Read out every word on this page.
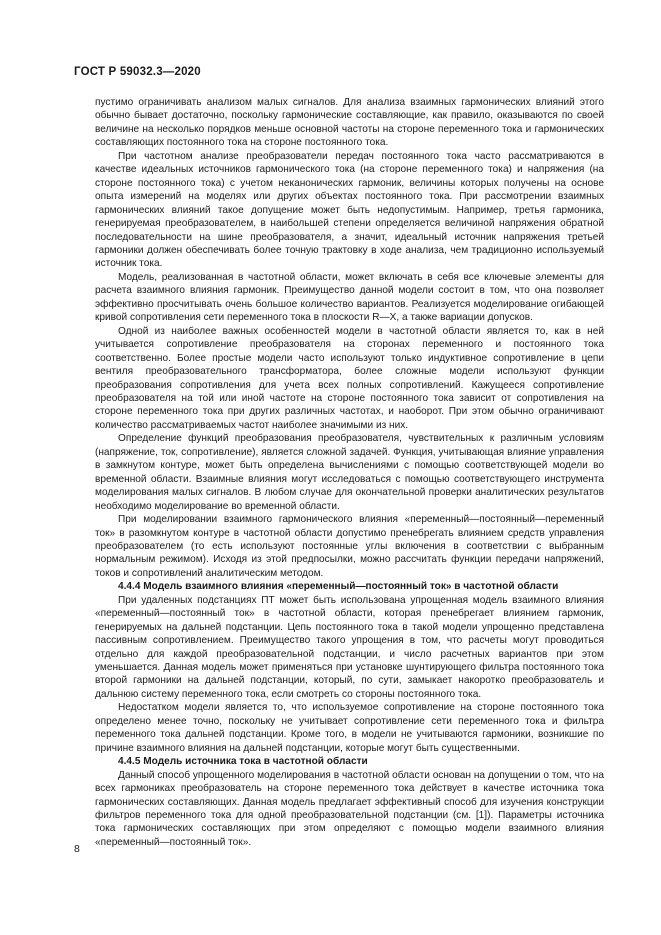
ГОСТ Р 59032.3—2020

пустимо ограничивать анализом малых сигналов. Для анализа взаимных гармонических влияний этого обычно бывает достаточно, поскольку гармонические составляющие, как правило, оказываются по своей величине на несколько порядков меньше основной частоты на стороне переменного тока и гармонических составляющих постоянного тока на стороне постоянного тока.

При частотном анализе преобразователи передач постоянного тока часто рассматриваются в качестве идеальных источников гармонического тока (на стороне переменного тока) и напряжения (на стороне постоянного тока) с учетом неканонических гармоник, величины которых получены на основе опыта измерений на моделях или других объектах постоянного тока. При рассмотрении взаимных гармонических влияний такое допущение может быть недопустимым. Например, третья гармоника, генерируемая преобразователем, в наибольшей степени определяется величиной напряжения обратной последовательности на шине преобразователя, а значит, идеальный источник напряжения третьей гармоники должен обеспечивать более точную трактовку в ходе анализа, чем традиционно используемый источник тока.

Модель, реализованная в частотной области, может включать в себя все ключевые элементы для расчета взаимного влияния гармоник. Преимущество данной модели состоит в том, что она позволяет эффективно просчитывать очень большое количество вариантов. Реализуется моделирование огибающей кривой сопротивления сети переменного тока в плоскости R—X, а также вариации допусков.

Одной из наиболее важных особенностей модели в частотной области является то, как в ней учитывается сопротивление преобразователя на сторонах переменного и постоянного тока соответственно. Более простые модели часто используют только индуктивное сопротивление в цепи вентиля преобразовательного трансформатора, более сложные модели используют функции преобразования сопротивления для учета всех полных сопротивлений. Кажущееся сопротивление преобразователя на той или иной частоте на стороне постоянного тока зависит от сопротивления на стороне переменного тока при других различных частотах, и наоборот. При этом обычно ограничивают количество рассматриваемых частот наиболее значимыми из них.

Определение функций преобразования преобразователя, чувствительных к различным условиям (напряжение, ток, сопротивление), является сложной задачей. Функция, учитывающая влияние управления в замкнутом контуре, может быть определена вычислениями с помощью соответствующей модели во временной области. Взаимные влияния могут исследоваться с помощью соответствующего инструмента моделирования малых сигналов. В любом случае для окончательной проверки аналитических результатов необходимо моделирование во временной области.

При моделировании взаимного гармонического влияния «переменный—постоянный—переменный ток» в разомкнутом контуре в частотной области допустимо пренебрегать влиянием средств управления преобразователем (то есть используют постоянные углы включения в соответствии с выбранным нормальным режимом). Исходя из этой предпосылки, можно рассчитать функции передачи напряжений, токов и сопротивлений аналитическим методом.

4.4.4 Модель взаимного влияния «переменный—постоянный ток» в частотной области

При удаленных подстанциях ПТ может быть использована упрощенная модель взаимного влияния «переменный—постоянный ток» в частотной области, которая пренебрегает влиянием гармоник, генерируемых на дальней подстанции. Цепь постоянного тока в такой модели упрощенно представлена пассивным сопротивлением. Преимущество такого упрощения в том, что расчеты могут проводиться отдельно для каждой преобразовательной подстанции, и число расчетных вариантов при этом уменьшается. Данная модель может применяться при установке шунтирующего фильтра постоянного тока второй гармоники на дальней подстанции, который, по сути, замыкает накоротко преобразователь и дальнюю систему переменного тока, если смотреть со стороны постоянного тока.

Недостатком модели является то, что используемое сопротивление на стороне постоянного тока определено менее точно, поскольку не учитывает сопротивление сети переменного тока и фильтра переменного тока дальней подстанции. Кроме того, в модели не учитываются гармоники, возникшие по причине взаимного влияния на дальней подстанции, которые могут быть существенными.

4.4.5 Модель источника тока в частотной области

Данный способ упрощенного моделирования в частотной области основан на допущении о том, что на всех гармониках преобразователь на стороне переменного тока действует в качестве источника тока гармонических составляющих. Данная модель предлагает эффективный способ для изучения конструкции фильтров переменного тока для одной преобразовательной подстанции (см. [1]). Параметры источника тока гармонических составляющих при этом определяют с помощью модели взаимного влияния «переменный—постоянный ток».

8
